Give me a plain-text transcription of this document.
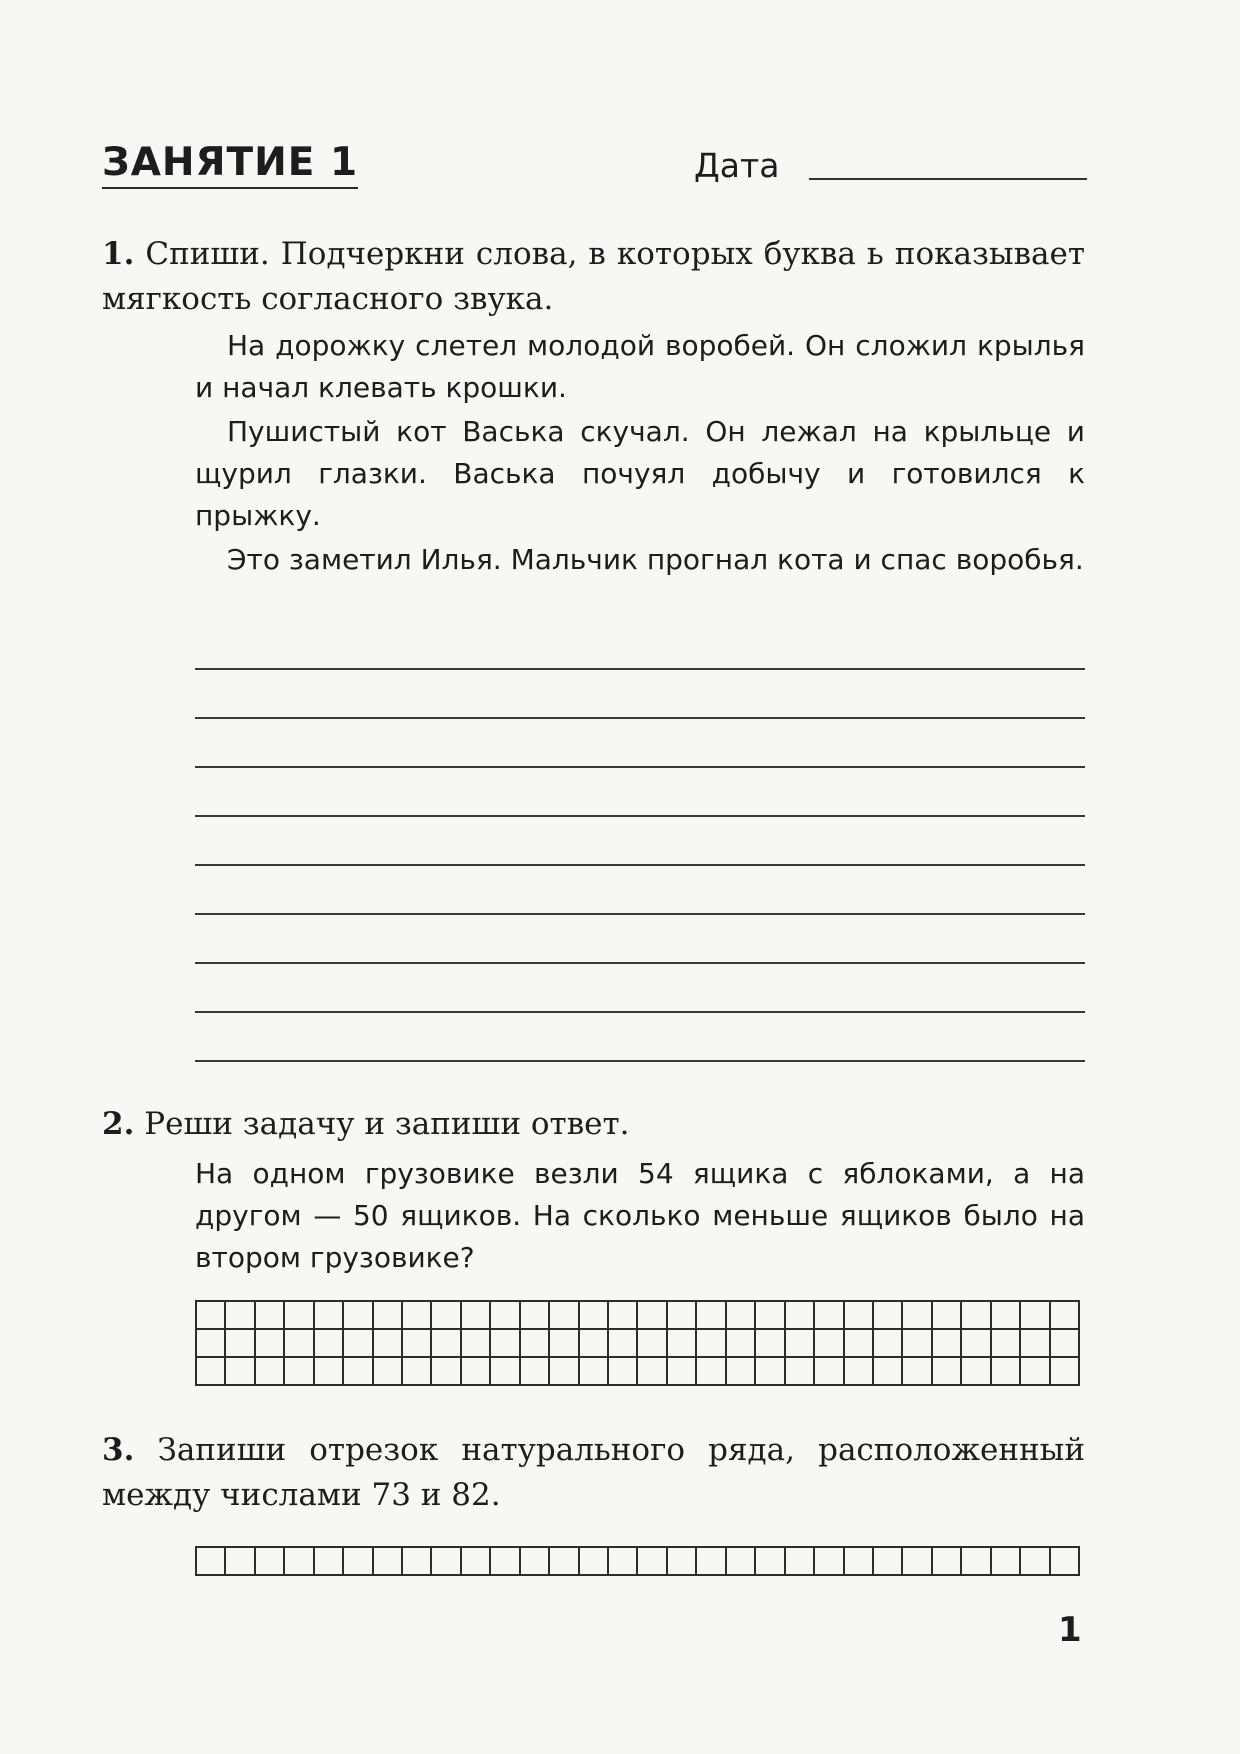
ЗАНЯТИЕ 1	Дата
1. Спиши. Подчеркни слова, в которых буква ь показывает мягкость согласного звука.

На дорожку слетел молодой воробей. Он сложил крылья и начал клевать крошки.

Пушистый кот Васька скучал. Он лежал на крыльце и щурил глазки. Васька почуял добычу и готовился к прыжку.

Это заметил Илья. Мальчик прогнал кота и спас воробья.

2. Реши задачу и запиши ответ.

На одном грузовике везли 54 ящика с яблоками, а на другом — 50 ящиков. На сколько меньше ящиков было на втором грузовике?

3. Запиши отрезок натурального ряда, расположенный между числами 73 и 82.
1
